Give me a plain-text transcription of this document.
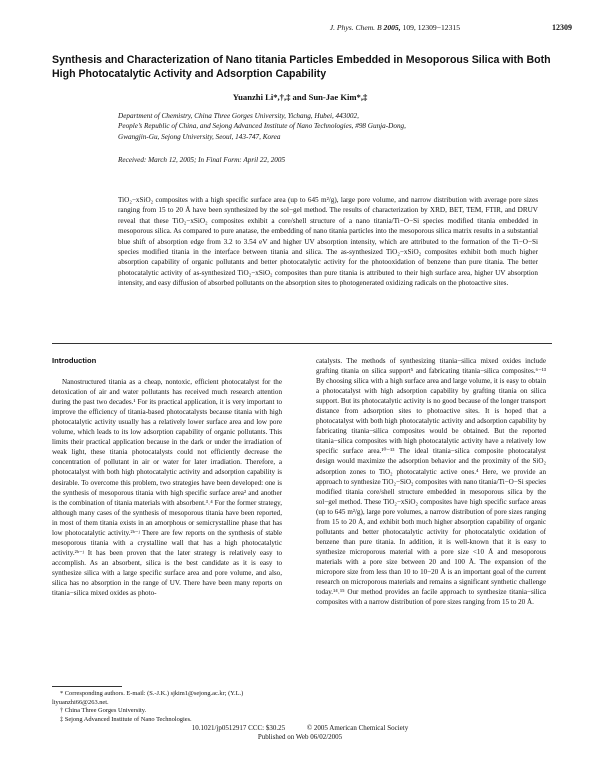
J. Phys. Chem. B 2005, 109, 12309−12315	12309
Synthesis and Characterization of Nano titania Particles Embedded in Mesoporous Silica with Both High Photocatalytic Activity and Adsorption Capability
Yuanzhi Li*,†,‡ and Sun-Jae Kim*,‡
Department of Chemistry, China Three Gorges University, Yichang, Hubei, 443002,
People’s Republic of China, and Sejong Advanced Institute of Nano Technologies, #98 Gunja-Dong,
Gwangjin-Gu, Sejong University, Seoul, 143-747, Korea
Received: March 12, 2005; In Final Form: April 22, 2005

TiO₂−xSiO₂ composites with a high specific surface area (up to 645 m²/g), large pore volume, and narrow distribution with average pore sizes ranging from 15 to 20 Å have been synthesized by the sol−gel method. The results of characterization by XRD, BET, TEM, FTIR, and DRUV reveal that these TiO₂−xSiO₂ composites exhibit a core/shell structure of a nano titania/Ti−O−Si species modified titania embedded in mesoporous silica. As compared to pure anatase, the embedding of nano titania particles into the mesoporous silica matrix results in a substantial blue shift of absorption edge from 3.2 to 3.54 eV and higher UV absorption intensity, which are attributed to the formation of the Ti−O−Si species modified titania in the interface between titania and silica. The as-synthesized TiO₂−xSiO₂ composites exhibit both much higher absorption capability of organic pollutants and better photocatalytic activity for the photooxidation of benzene than pure titania. The better photocatalytic activity of as-synthesized TiO₂−xSiO₂ composites than pure titania is attributed to their high surface area, higher UV absorption intensity, and easy diffusion of absorbed pollutants on the absorption sites to photogenerated oxidizing radicals on the photoactive sites.

Introduction

Nanostructured titania as a cheap, nontoxic, efficient photocatalyst for the detoxication of air and water pollutants has received much research attention during the past two decades.¹ For its practical application, it is very important to improve the efficiency of titania-based photocatalysts because titania with high photocatalytic activity usually has a relatively lower surface area and low pore volume, which leads to its low adsorption capability of organic pollutants. This limits their practical application because in the dark or under the irradiation of weak light, these titania photocatalysts could not efficiently decrease the concentration of pollutant in air or water for later irradiation. Therefore, a photocatalyst with both high photocatalytic activity and adsorption capability is desirable. To overcome this problem, two strategies have been developed: one is the synthesis of mesoporous titania with high specific surface area² and another is the combination of titania materials with absorbent.³˒⁴ For the former strategy, although many cases of the synthesis of mesoporous titania have been reported, in most of them titania exists in an amorphous or semicrystalline phase that has low photocatalytic activity.²ᵇ⁻ʲ There are few reports on the synthesis of stable mesoporous titania with a crystalline wall that has a high photocatalytic activity.²ʰ⁻ʲ It has been proven that the later strategy is relatively easy to accomplish. As an absorbent, silica is the best candidate as it is easy to synthesize silica with a large specific surface area and pore volume, and also, silica has no absorption in the range of UV. There have been many reports on titania−silica mixed oxides as photo-

catalysts. The methods of synthesizing titania−silica mixed oxides include grafting titania on silica support⁵ and fabricating titania−silica composites.⁶⁻¹³ By choosing silica with a high surface area and large volume, it is easy to obtain a photocatalyst with high adsorption capability by grafting titania on silica support. But its photocatalytic activity is no good because of the longer transport distance from adsorption sites to photoactive sites. It is hoped that a photocatalyst with both high photocatalytic activity and adsorption capability by fabricating titania−silica composites would be obtained. But the reported titania−silica composites with high photocatalytic activity have a relatively low specific surface area.¹⁰⁻¹³ The ideal titania−silica composite photocatalyst design would maximize the adsorption behavior and the proximity of the SiO₂ adsorption zones to TiO₂ photocatalytic active ones.⁴ Here, we provide an approach to synthesize TiO₂−SiO₂ composites with nano titania/Ti−O−Si species modified titania core/shell structure embedded in mesoporous silica by the sol−gel method. These TiO₂−xSiO₂ composites have high specific surface areas (up to 645 m²/g), large pore volumes, a narrow distribution of pore sizes ranging from 15 to 20 Å, and exhibit both much higher absorption capability of organic pollutants and better photocatalytic activity for photocatalytic oxidation of benzene than pure titania. In addition, it is well-known that it is easy to synthesize microporous material with a pore size <10 Å and mesoporous materials with a pore size between 20 and 100 Å. The expansion of the micropore size from less than 10 to 10−20 Å is an important goal of the current research on microporous materials and remains a significant synthetic challenge today.¹⁴˒¹⁵ Our method provides an facile approach to synthesize titania−silica composites with a narrow distribution of pore sizes ranging from 15 to 20 Å.

* Corresponding authors. E-mail: (S.-J.K.) sjkim1@sejong.ac.kr; (Y.L.) liyuanzhi66@263.net.
† China Three Gorges University.
‡ Sejong Advanced Institute of Nano Technologies.
10.1021/jp0512917 CCC: $30.25	© 2005 American Chemical Society
Published on Web 06/02/2005
